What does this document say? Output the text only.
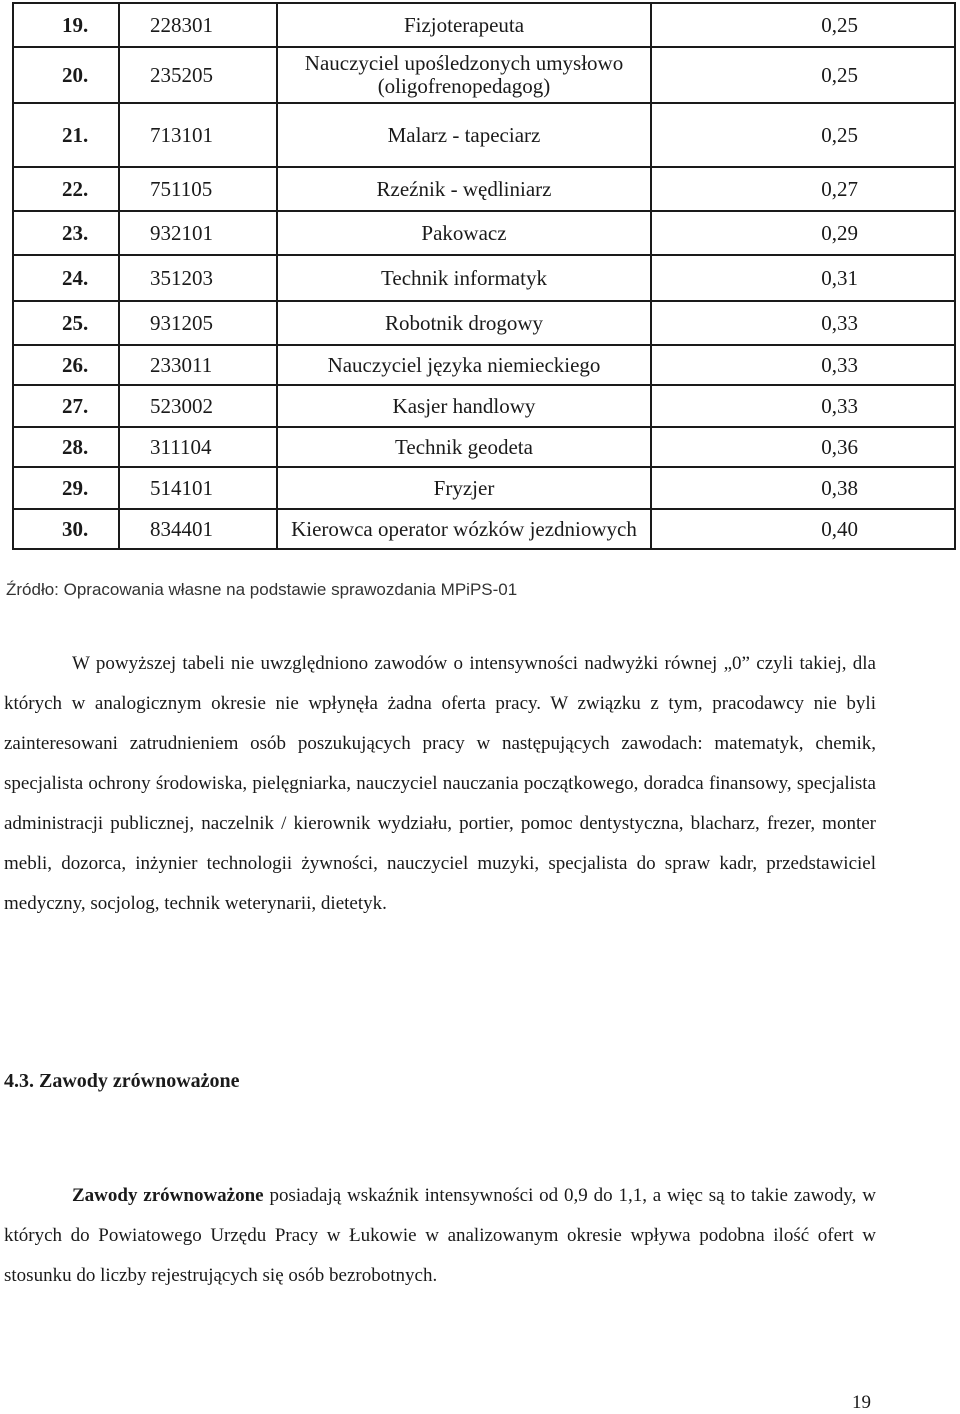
19.	228301	Fizjoterapeuta	0,25
20.	235205	Nauczyciel upośledzonych umysłowo (oligofrenopedagog)	0,25
21.	713101	Malarz - tapeciarz	0,25
22.	751105	Rzeźnik - wędliniarz	0,27
23.	932101	Pakowacz	0,29
24.	351203	Technik informatyk	0,31
25.	931205	Robotnik drogowy	0,33
26.	233011	Nauczyciel języka niemieckiego	0,33
27.	523002	Kasjer handlowy	0,33
28.	311104	Technik geodeta	0,36
29.	514101	Fryzjer	0,38
30.	834401	Kierowca operator wózków jezdniowych	0,40
Źródło: Opracowania własne na podstawie sprawozdania MPiPS-01

W powyższej tabeli nie uwzględniono zawodów o intensywności nadwyżki równej „0” czyli takiej, dla których w analogicznym okresie nie wpłynęła żadna oferta pracy. W związku z tym, pracodawcy nie byli zainteresowani zatrudnieniem osób poszukujących pracy w następujących zawodach: matematyk, chemik, specjalista ochrony środowiska, pielęgniarka, nauczyciel nauczania początkowego, doradca finansowy, specjalista administracji publicznej, naczelnik / kierownik wydziału, portier, pomoc dentystyczna, blacharz, frezer, monter mebli, dozorca, inżynier technologii żywności, nauczyciel muzyki, specjalista do spraw kadr, przedstawiciel medyczny, socjolog, technik weterynarii, dietetyk.

4.3. Zawody zrównoważone

Zawody zrównoważone posiadają wskaźnik intensywności od 0,9 do 1,1, a więc są to takie zawody, w których do Powiatowego Urzędu Pracy w Łukowie w analizowanym okresie wpływa podobna ilość ofert w stosunku do liczby rejestrujących się osób bezrobotnych.

19
